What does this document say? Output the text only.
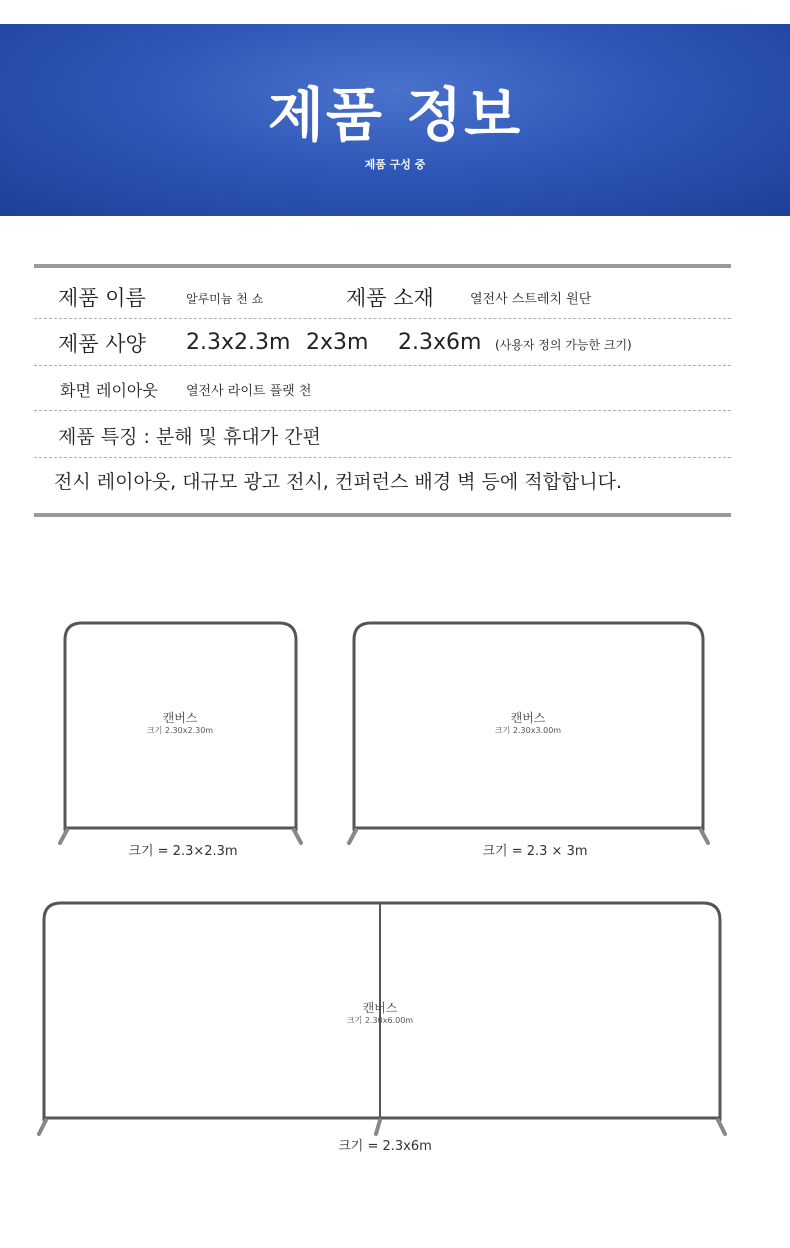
제품 정보
제품 구성 중
제품 이름	알루미늄 천 쇼	제품 소재	열전사 스트레치 원단
제품 사양 2.3x2.3m 2x3m 2.3x6m (사용자 정의 가능한 크기)
화면 레이아웃 열전사 라이트 플랫 천
제품 특징 : 분해 및 휴대가 간편
전시 레이아웃, 대규모 광고 전시, 컨퍼런스 배경 벽 등에 적합합니다.
캔버스
크기 2.30x2.30m
크기 = 2.3×2.3m
캔버스
크기 2.30x3.00m
크기 = 2.3 × 3m
캔버스
크기 2.30x6.00m
크기 = 2.3x6m
